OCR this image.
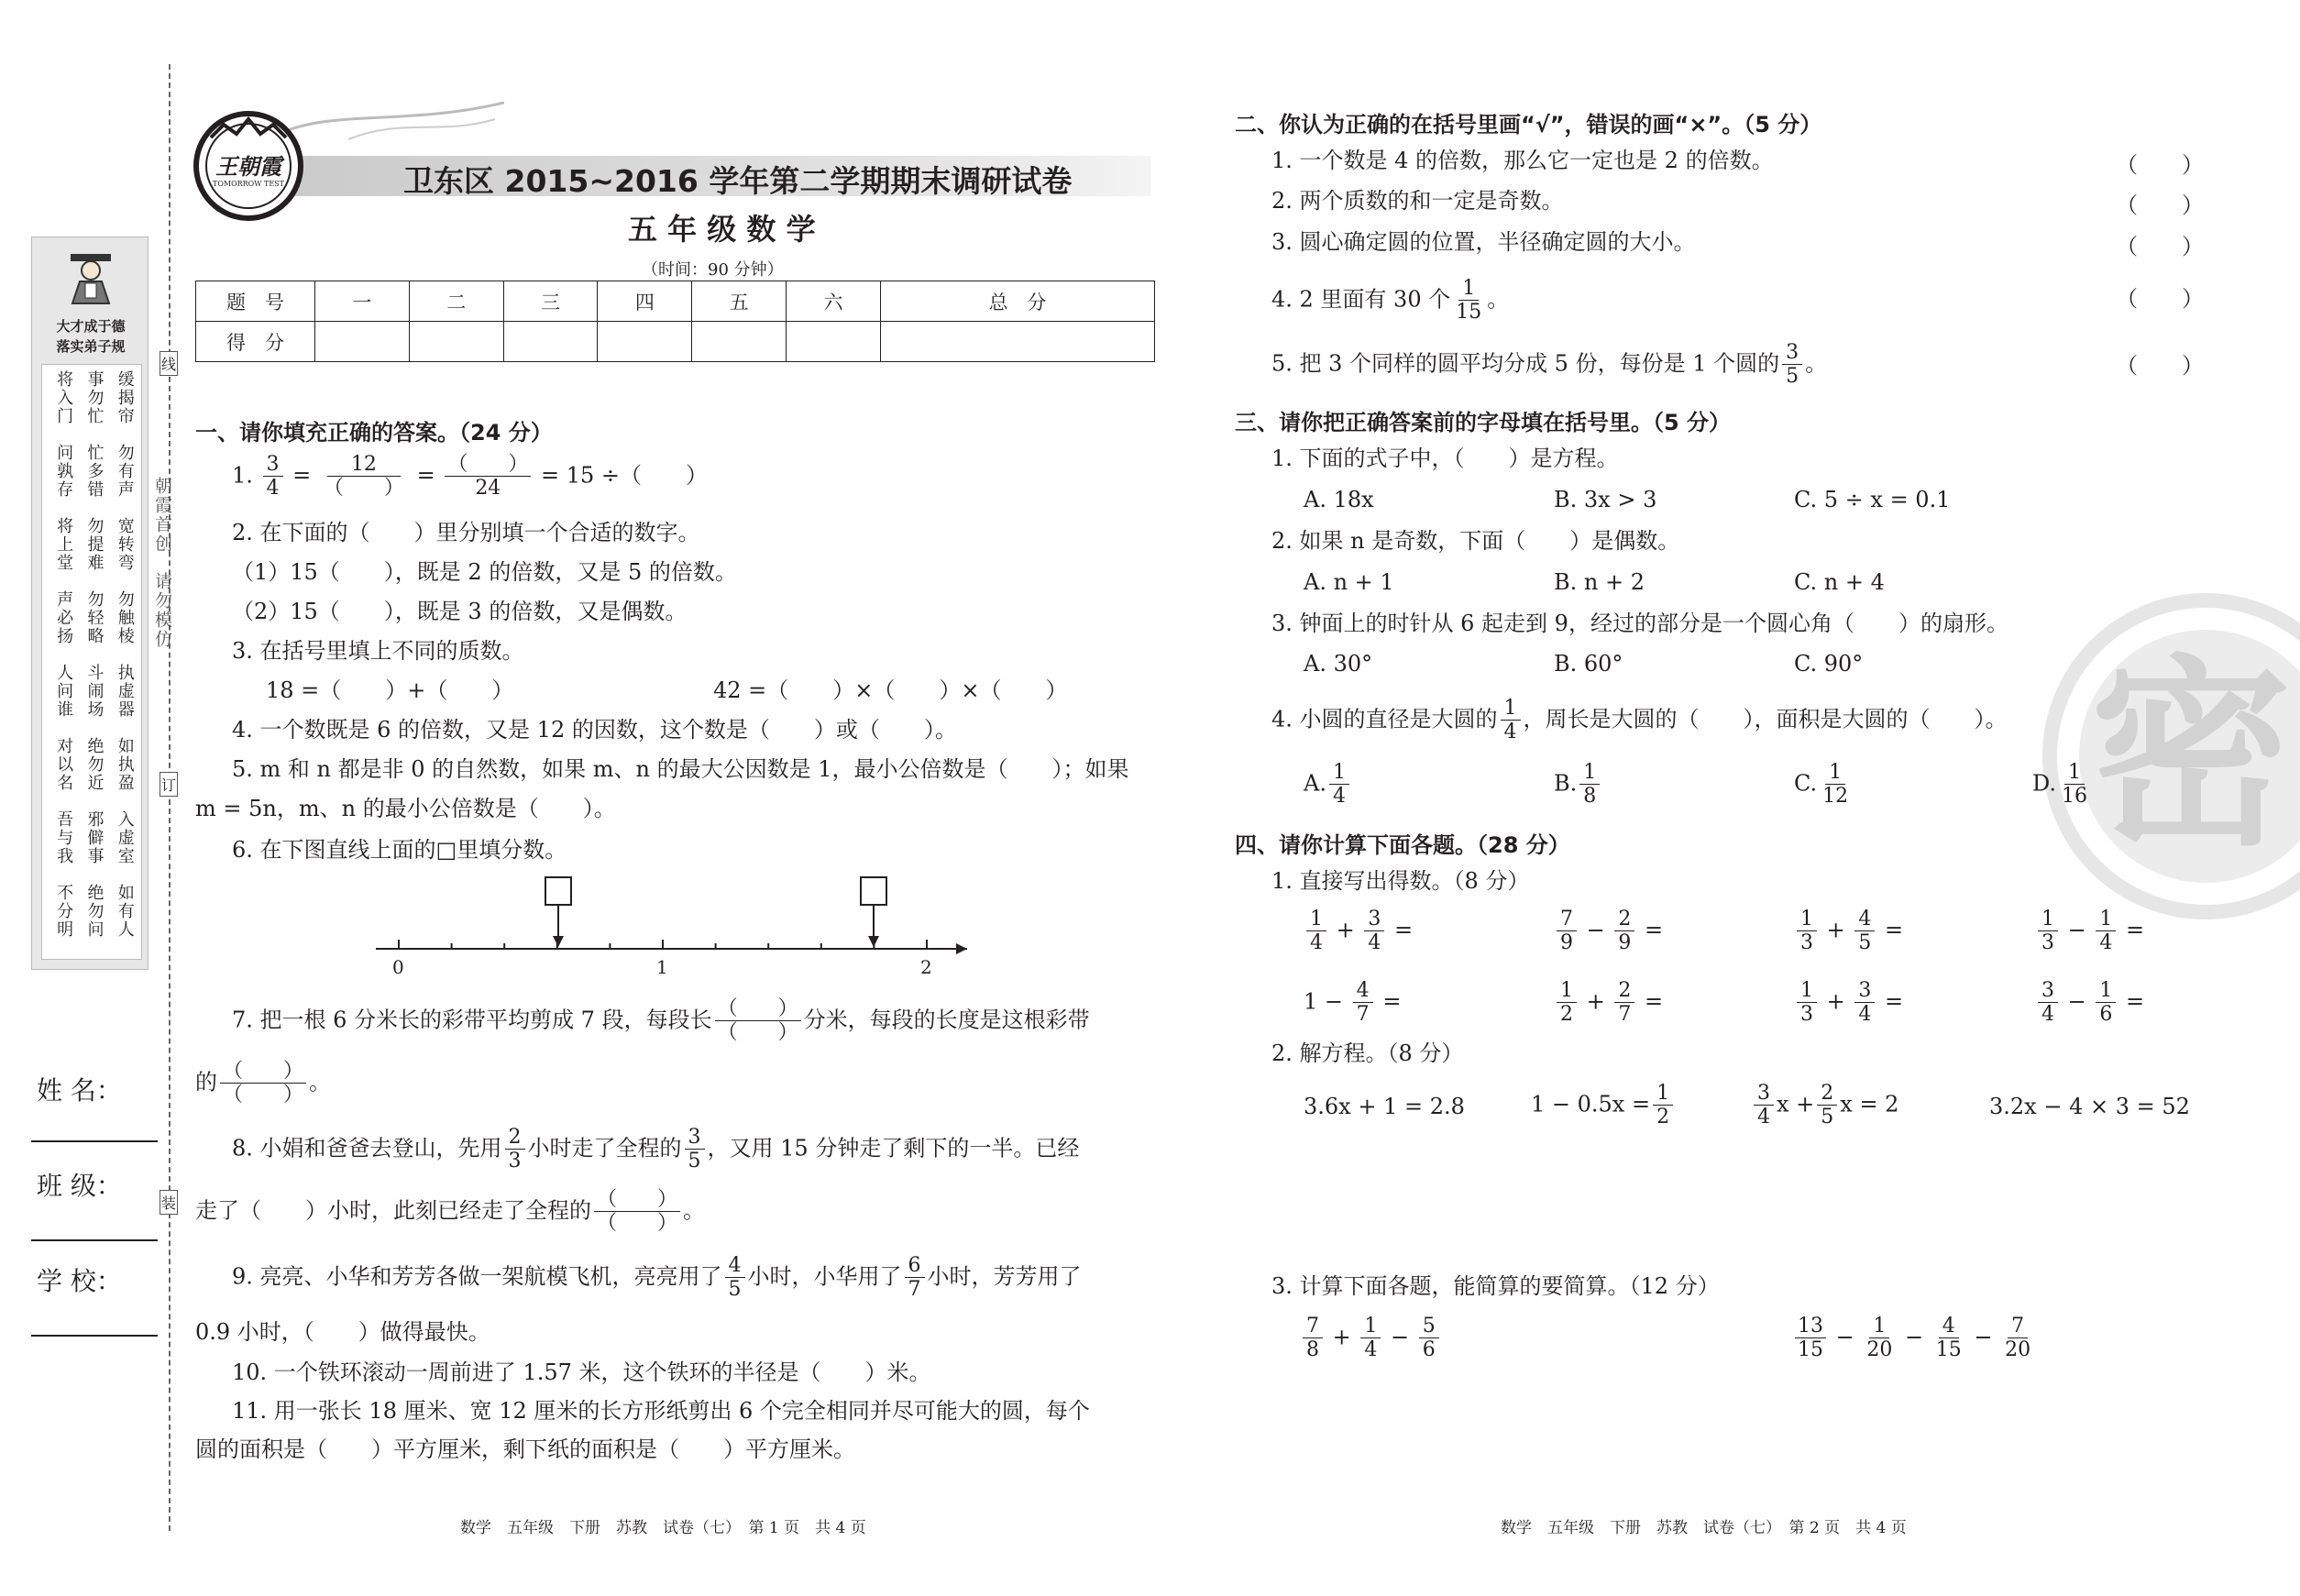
大才成于德
落实弟子规
将入门
问孰存
将上堂
声必扬
人问谁
对以名
吾与我
不分明
事勿忙
忙多错
勿提难
勿轻略
斗闹场
绝勿近
邪僻事
绝勿问
缓揭帘
勿有声
宽转弯
勿触棱
执虚器
如执盈
入虚室
如有人
线
订
装
朝霞首创
请勿模仿
姓 名：
班 级：
学 校：
王朝霞
TOMORROW TEST	卫东区 2015~2016 学年第二学期期末调研试卷
五 年 级 数 学
（时间：90 分钟）
题　号	一	二	三	四	五	六	总　分
得　分							
一、请你填充正确的答案。（24 分）
1. $\frac{3}{4} = \frac{12}{( )} = \frac{( )}{24} = 15$ ÷（　　）
2. 在下面的（　　）里分别填一个合适的数字。
（1）15（　　），既是 2 的倍数，又是 5 的倍数。
（2）15（　　），既是 3 的倍数，又是偶数。
3. 在括号里填上不同的质数。
18 =（　　）+（　　）	42 =（　　）×（　　）×（　　）
4. 一个数既是 6 的倍数，又是 12 的因数，这个数是（　　）或（　　）。
5. m 和 n 都是非 0 的自然数，如果 m、n 的最大公因数是 1，最小公倍数是（　　）；如果
m = 5n，m、n 的最小公倍数是（　　）。
6. 在下图直线上面的□里填分数。
0	1	2
7. 把一根 6 分米长的彩带平均剪成 7 段，每段长 $\frac{( )}{( )}$ 分米，每段的长度是这根彩带
的 $\frac{( )}{( )}$ 。
8. 小娟和爸爸去登山，先用 $\frac{2}{3}$ 小时走了全程的 $\frac{3}{5}$ ，又用 15 分钟走了剩下的一半。已经
走了（　　）小时，此刻已经走了全程的 $\frac{( )}{( )}$ 。
9. 亮亮、小华和芳芳各做一架航模飞机，亮亮用了 $\frac{4}{5}$ 小时，小华用了 $\frac{6}{7}$ 小时，芳芳用了
0.9 小时，（　　）做得最快。
10. 一个铁环滚动一周前进了 1.57 米，这个铁环的半径是（　　）米。
11. 用一张长 18 厘米、宽 12 厘米的长方形纸剪出 6 个完全相同并尽可能大的圆，每个
圆的面积是（　　）平方厘米，剩下纸的面积是（　　）平方厘米。
数学　五年级　下册　苏教　试卷（七）　第 1 页　共 4 页
密
二、你认为正确的在括号里画“√”，错误的画“×”。（5 分）
1. 一个数是 4 的倍数，那么它一定也是 2 的倍数。
2. 两个质数的和一定是奇数。
3. 圆心确定圆的位置，半径确定圆的大小。
4. 2 里面有 30 个 $\frac{1}{15}$ 。
5. 把 3 个同样的圆平均分成 5 份，每份是 1 个圆的 $\frac{3}{5}$ 。
（　　）
（　　）
（　　）
（　　）
（　　）
三、请你把正确答案前的字母填在括号里。（5 分）
1. 下面的式子中，（　　）是方程。
A. 18x	B. 3x > 3	C. 5 ÷ x = 0.1
2. 如果 n 是奇数，下面（　　）是偶数。
A. n + 1	B. n + 2	C. n + 4
3. 钟面上的时针从 6 起走到 9，经过的部分是一个圆心角（　　）的扇形。
A. 30°	B. 60°	C. 90°
4. 小圆的直径是大圆的 $\frac{1}{4}$ ，周长是大圆的（　　），面积是大圆的（　　）。
A. $\frac{1}{4}$	B. $\frac{1}{8}$	C. $\frac{1}{12}$	D. $\frac{1}{16}$
四、请你计算下面各题。（28 分）
1. 直接写出得数。（8 分）
$\frac{1}{4} + \frac{3}{4}$ =	$\frac{7}{9} - \frac{2}{9}$ =	$\frac{1}{3} + \frac{4}{5}$ =	$\frac{1}{3} - \frac{1}{4}$ =
$1 - \frac{4}{7}$ =	$\frac{1}{2} + \frac{2}{7}$ =	$\frac{1}{3} + \frac{3}{4}$ =	$\frac{3}{4} - \frac{1}{6}$ =
2. 解方程。（8 分）
3.6x + 1 = 2.8	$1 - 0.5x = \frac{1}{2}$	$\frac{3}{4}$ $x + \frac{2}{5}$ x = 2	3.2x − 4 × 3 = 52
3. 计算下面各题，能简算的要简算。（12 分）
$\frac{7}{8} + \frac{1}{4} - \frac{5}{6}$	$\frac{13}{15} - \frac{1}{20} - \frac{4}{15} - \frac{7}{20}$
数学　五年级　下册　苏教　试卷（七）　第 2 页　共 4 页
